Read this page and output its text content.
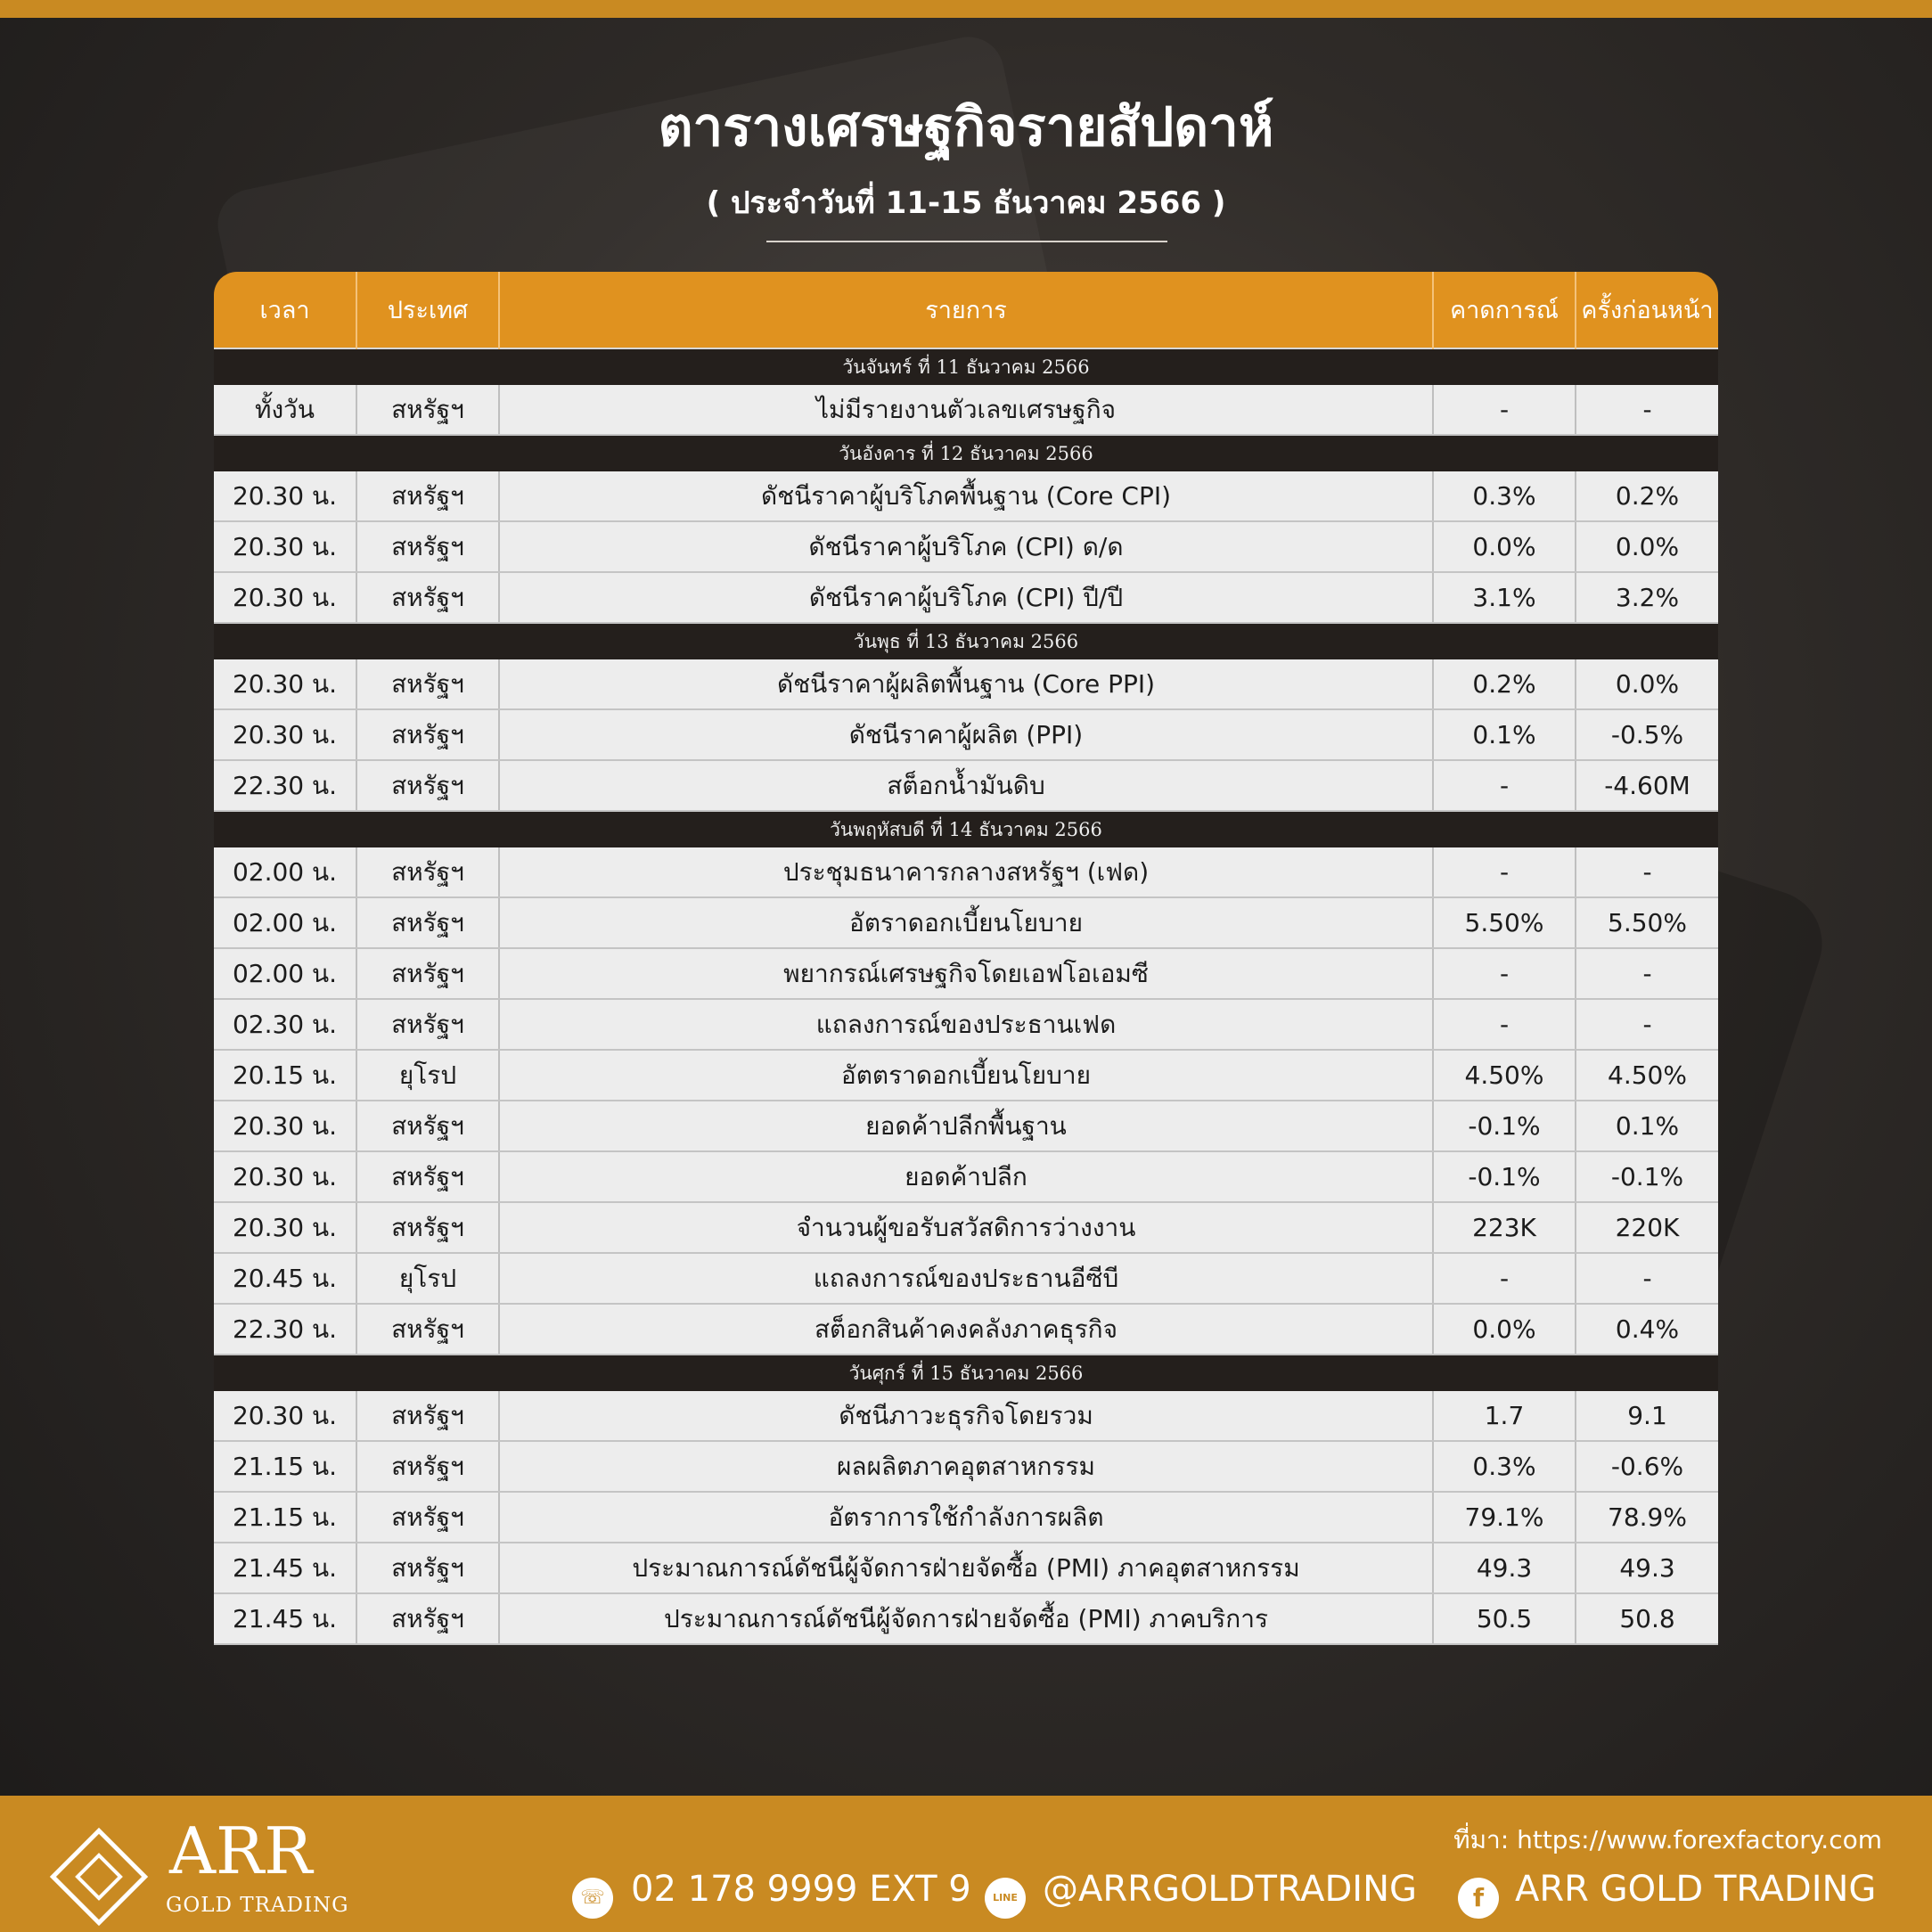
ตารางเศรษฐกิจรายสัปดาห์
( ประจำวันที่ 11-15 ธันวาคม 2566 )
เวลา	ประเทศ	รายการ	คาดการณ์	ครั้งก่อนหน้า
วันจันทร์ ที่ 11 ธันวาคม 2566				
ทั้งวัน	สหรัฐฯ	ไม่มีรายงานตัวเลขเศรษฐกิจ	-	-
วันอังคาร ที่ 12 ธันวาคม 2566				
20.30 น.	สหรัฐฯ	ดัชนีราคาผู้บริโภคพื้นฐาน (Core CPI)	0.3%	0.2%
20.30 น.	สหรัฐฯ	ดัชนีราคาผู้บริโภค (CPI) ด/ด	0.0%	0.0%
20.30 น.	สหรัฐฯ	ดัชนีราคาผู้บริโภค (CPI) ปี/ปี	3.1%	3.2%
วันพุธ ที่ 13 ธันวาคม 2566				
20.30 น.	สหรัฐฯ	ดัชนีราคาผู้ผลิตพื้นฐาน (Core PPI)	0.2%	0.0%
20.30 น.	สหรัฐฯ	ดัชนีราคาผู้ผลิต (PPI)	0.1%	-0.5%
22.30 น.	สหรัฐฯ	สต็อกน้ำมันดิบ	-	-4.60M
วันพฤหัสบดี ที่ 14 ธันวาคม 2566				
02.00 น.	สหรัฐฯ	ประชุมธนาคารกลางสหรัฐฯ (เฟด)	-	-
02.00 น.	สหรัฐฯ	อัตราดอกเบี้ยนโยบาย	5.50%	5.50%
02.00 น.	สหรัฐฯ	พยากรณ์เศรษฐกิจโดยเอฟโอเอมซี	-	-
02.30 น.	สหรัฐฯ	แถลงการณ์ของประธานเฟด	-	-
20.15 น.	ยุโรป	อัตตราดอกเบี้ยนโยบาย	4.50%	4.50%
20.30 น.	สหรัฐฯ	ยอดค้าปลีกพื้นฐาน	-0.1%	0.1%
20.30 น.	สหรัฐฯ	ยอดค้าปลีก	-0.1%	-0.1%
20.30 น.	สหรัฐฯ	จำนวนผู้ขอรับสวัสดิการว่างงาน	223K	220K
20.45 น.	ยุโรป	แถลงการณ์ของประธานอีซีบี	-	-
22.30 น.	สหรัฐฯ	สต็อกสินค้าคงคลังภาคธุรกิจ	0.0%	0.4%
วันศุกร์ ที่ 15 ธันวาคม 2566				
20.30 น.	สหรัฐฯ	ดัชนีภาวะธุรกิจโดยรวม	1.7	9.1
21.15 น.	สหรัฐฯ	ผลผลิตภาคอุตสาหกรรม	0.3%	-0.6%
21.15 น.	สหรัฐฯ	อัตราการใช้กำลังการผลิต	79.1%	78.9%
21.45 น.	สหรัฐฯ	ประมาณการณ์ดัชนีผู้จัดการฝ่ายจัดซื้อ (PMI) ภาคอุตสาหกรรม	49.3	49.3
21.45 น.	สหรัฐฯ	ประมาณการณ์ดัชนีผู้จัดการฝ่ายจัดซื้อ (PMI) ภาคบริการ	50.5	50.8
ARR
GOLD TRADING
ที่มา: https://www.forexfactory.com
☏ 02 178 9999 EXT 9	LINE @ARRGOLDTRADING	f ARR GOLD TRADING
